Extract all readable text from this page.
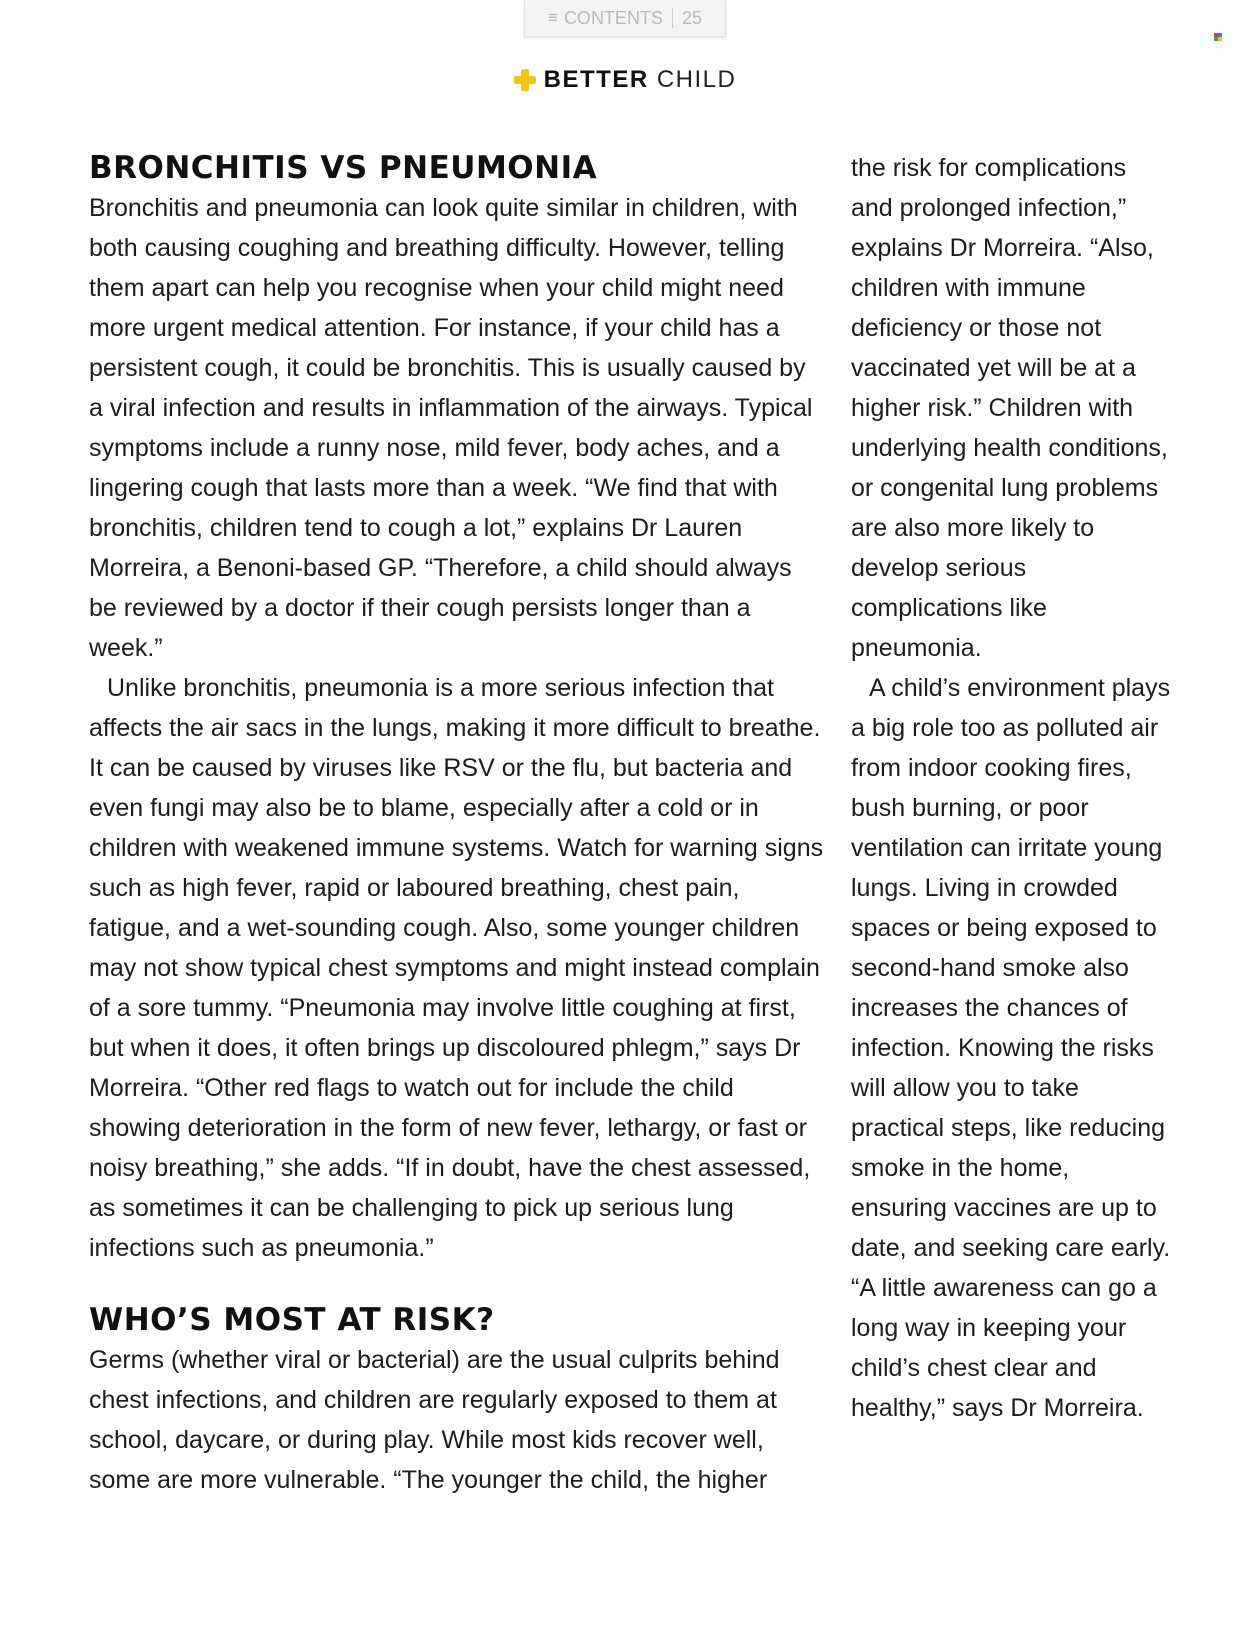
≡ CONTENTS 25
BETTER CHILD
BRONCHITIS VS PNEUMONIA

Bronchitis and pneumonia can look quite similar in children, with both causing coughing and breathing difficulty. However, telling them apart can help you recognise when your child might need more urgent medical attention. For instance, if your child has a persistent cough, it could be bronchitis. This is usually caused by a viral infection and results in inflammation of the airways. Typical symptoms include a runny nose, mild fever, body aches, and a lingering cough that lasts more than a week. “We find that with bronchitis, children tend to cough a lot,” explains Dr Lauren Morreira, a Benoni-based GP. “Therefore, a child should always be reviewed by a doctor if their cough persists longer than a week.”

Unlike bronchitis, pneumonia is a more serious infection that affects the air sacs in the lungs, making it more difficult to breathe. It can be caused by viruses like RSV or the flu, but bacteria and even fungi may also be to blame, especially after a cold or in children with weakened immune systems. Watch for warning signs such as high fever, rapid or laboured breathing, chest pain, fatigue, and a wet-sounding cough. Also, some younger children may not show typical chest symptoms and might instead complain of a sore tummy. “Pneumonia may involve little coughing at first, but when it does, it often brings up discoloured phlegm,” says Dr Morreira. “Other red flags to watch out for include the child showing deterioration in the form of new fever, lethargy, or fast or noisy breathing,” she adds. “If in doubt, have the chest assessed, as sometimes it can be challenging to pick up serious lung infections such as pneumonia.”

WHO’S MOST AT RISK?

Germs (whether viral or bacterial) are the usual culprits behind chest infections, and children are regularly exposed to them at school, daycare, or during play. While most kids recover well, some are more vulnerable. “The younger the child, the higher

the risk for complications and prolonged infection,” explains Dr Morreira. “Also, children with immune deficiency or those not vaccinated yet will be at a higher risk.” Children with underlying health conditions, or congenital lung problems are also more likely to develop serious complications like pneumonia.

A child’s environment plays a big role too as polluted air from indoor cooking fires, bush burning, or poor ventilation can irritate young lungs. Living in crowded spaces or being exposed to second-hand smoke also increases the chances of infection. Knowing the risks will allow you to take practical steps, like reducing smoke in the home, ensuring vaccines are up to date, and seeking care early. “A little awareness can go a long way in keeping your child’s chest clear and healthy,” says Dr Morreira.
